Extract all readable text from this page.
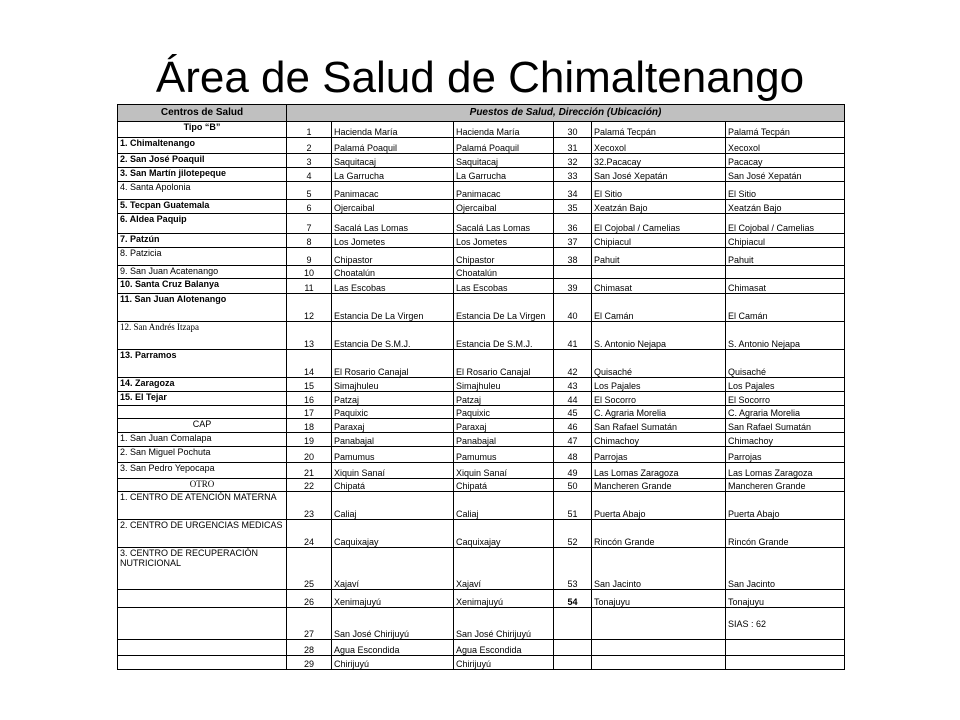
Área de Salud de Chimaltenango
Centros de Salud	Puestos de Salud, Dirección (Ubicación)					
Tipo “B”	1	Hacienda María	Hacienda María	30	Palamá Tecpán	Palamá Tecpán
1. Chimaltenango	2	Palamá Poaquil	Palamá Poaquil	31	Xecoxol	Xecoxol
2. San José Poaquil	3	Saquitacaj	Saquitacaj	32	32.Pacacay	Pacacay
3. San Martín jilotepeque	4	La Garrucha	La Garrucha	33	San José Xepatán	San José Xepatán
4. Santa Apolonia	5	Panimacac	Panimacac	34	El Sitio	El Sitio
5. Tecpan Guatemala	6	Ojercaibal	Ojercaibal	35	Xeatzán Bajo	Xeatzán Bajo
6. Aldea Paquip	7	Sacalá Las Lomas	Sacalá Las Lomas	36	El Cojobal / Camelias	El Cojobal / Camelias
7. Patzún	8	Los Jometes	Los Jometes	37	Chipiacul	Chipiacul
8. Patzicia	9	Chipastor	Chipastor	38	Pahuit	Pahuit
9. San Juan Acatenango	10	Choatalún	Choatalún			
10. Santa Cruz Balanya	11	Las Escobas	Las Escobas	39	Chimasat	Chimasat
11. San Juan Alotenango	12	Estancia De La Virgen	Estancia De La Virgen	40	El Camán	El Camán
12. San Andrés Itzapa	13	Estancia De S.M.J.	Estancia De S.M.J.	41	S. Antonio Nejapa	S. Antonio Nejapa
13. Parramos	14	El Rosario Canajal	El Rosario Canajal	42	Quisaché	Quisaché
14. Zaragoza	15	Simajhuleu	Simajhuleu	43	Los Pajales	Los Pajales
15. El Tejar	16	Patzaj	Patzaj	44	El Socorro	El Socorro
	17	Paquixic	Paquixic	45	C. Agraria Morelia	C. Agraria Morelia
CAP	18	Paraxaj	Paraxaj	46	San Rafael Sumatán	San Rafael Sumatán
1. San Juan Comalapa	19	Panabajal	Panabajal	47	Chimachoy	Chimachoy
2. San Miguel Pochuta	20	Pamumus	Pamumus	48	Parrojas	Parrojas
3. San Pedro Yepocapa	21	Xiquin Sanaí	Xiquin Sanaí	49	Las Lomas Zaragoza	Las Lomas Zaragoza
OTRO	22	Chipatá	Chipatá	50	Mancheren Grande	Mancheren Grande
1. CENTRO DE ATENCIÓN MATERNA	23	Caliaj	Caliaj	51	Puerta Abajo	Puerta Abajo
2. CENTRO DE URGENCIAS MEDICAS	24	Caquixajay	Caquixajay	52	Rincón Grande	Rincón Grande
3. CENTRO DE RECUPERACIÓN NUTRICIONAL	25	Xajaví	Xajaví	53	San Jacinto	San Jacinto
	26	Xenimajuyú	Xenimajuyú	54	Tonajuyu	Tonajuyu
	27	San José Chirijuyú	San José Chirijuyú			SIAS : 62
	28	Agua Escondida	Agua Escondida			
	29	Chirijuyú	Chirijuyú			
